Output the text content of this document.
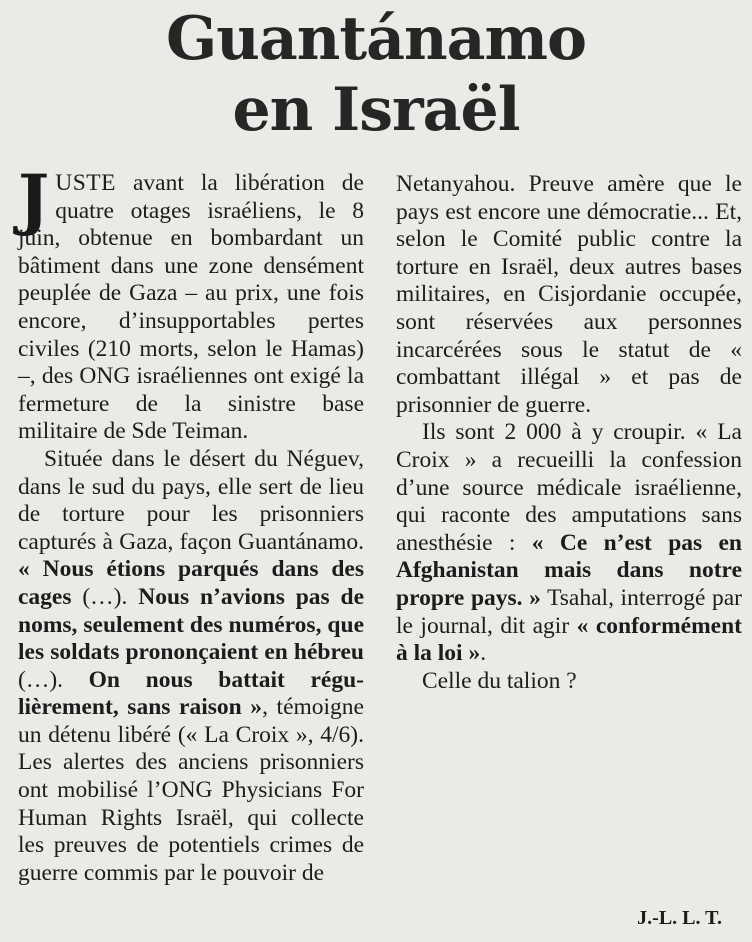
Guantánamo
en Israël

JUSTE avant la libération de quatre otages israéliens, le 8 juin, obtenue en bombardant un bâtiment dans une zone densément peuplée de Gaza – au prix, une fois encore, d’insupportables pertes civiles (210 morts, selon le Hamas) –, des ONG israéliennes ont exigé la fermeture de la sinistre base militaire de Sde Teiman.

Située dans le désert du Néguev, dans le sud du pays, elle sert de lieu de torture pour les prisonniers capturés à Gaza, façon Guantánamo. « Nous étions parqués dans des cages (…). Nous n’avions pas de noms, seulement des numéros, que les soldats prononçaient en hébreu (…). On nous battait régulièrement, sans raison », témoigne un détenu libéré (« La Croix », 4/6). Les alertes des anciens prisonniers ont mobilisé l’ONG Physicians For Human Rights Israël, qui collecte les preuves de potentiels crimes de guerre commis par le pouvoir de

Netanyahou. Preuve amère que le pays est encore une démocratie... Et, selon le Comité public contre la torture en Israël, deux autres bases militaires, en Cisjordanie occupée, sont réservées aux personnes incarcérées sous le statut de « combattant illégal » et pas de prisonnier de guerre.

Ils sont 2 000 à y croupir. « La Croix » a recueilli la confession d’une source médicale israélienne, qui raconte des amputations sans anesthésie : « Ce n’est pas en Afghanistan mais dans notre propre pays. » Tsahal, interrogé par le journal, dit agir « conformément à la loi ».

Celle du talion ?

J.-L. L. T.
